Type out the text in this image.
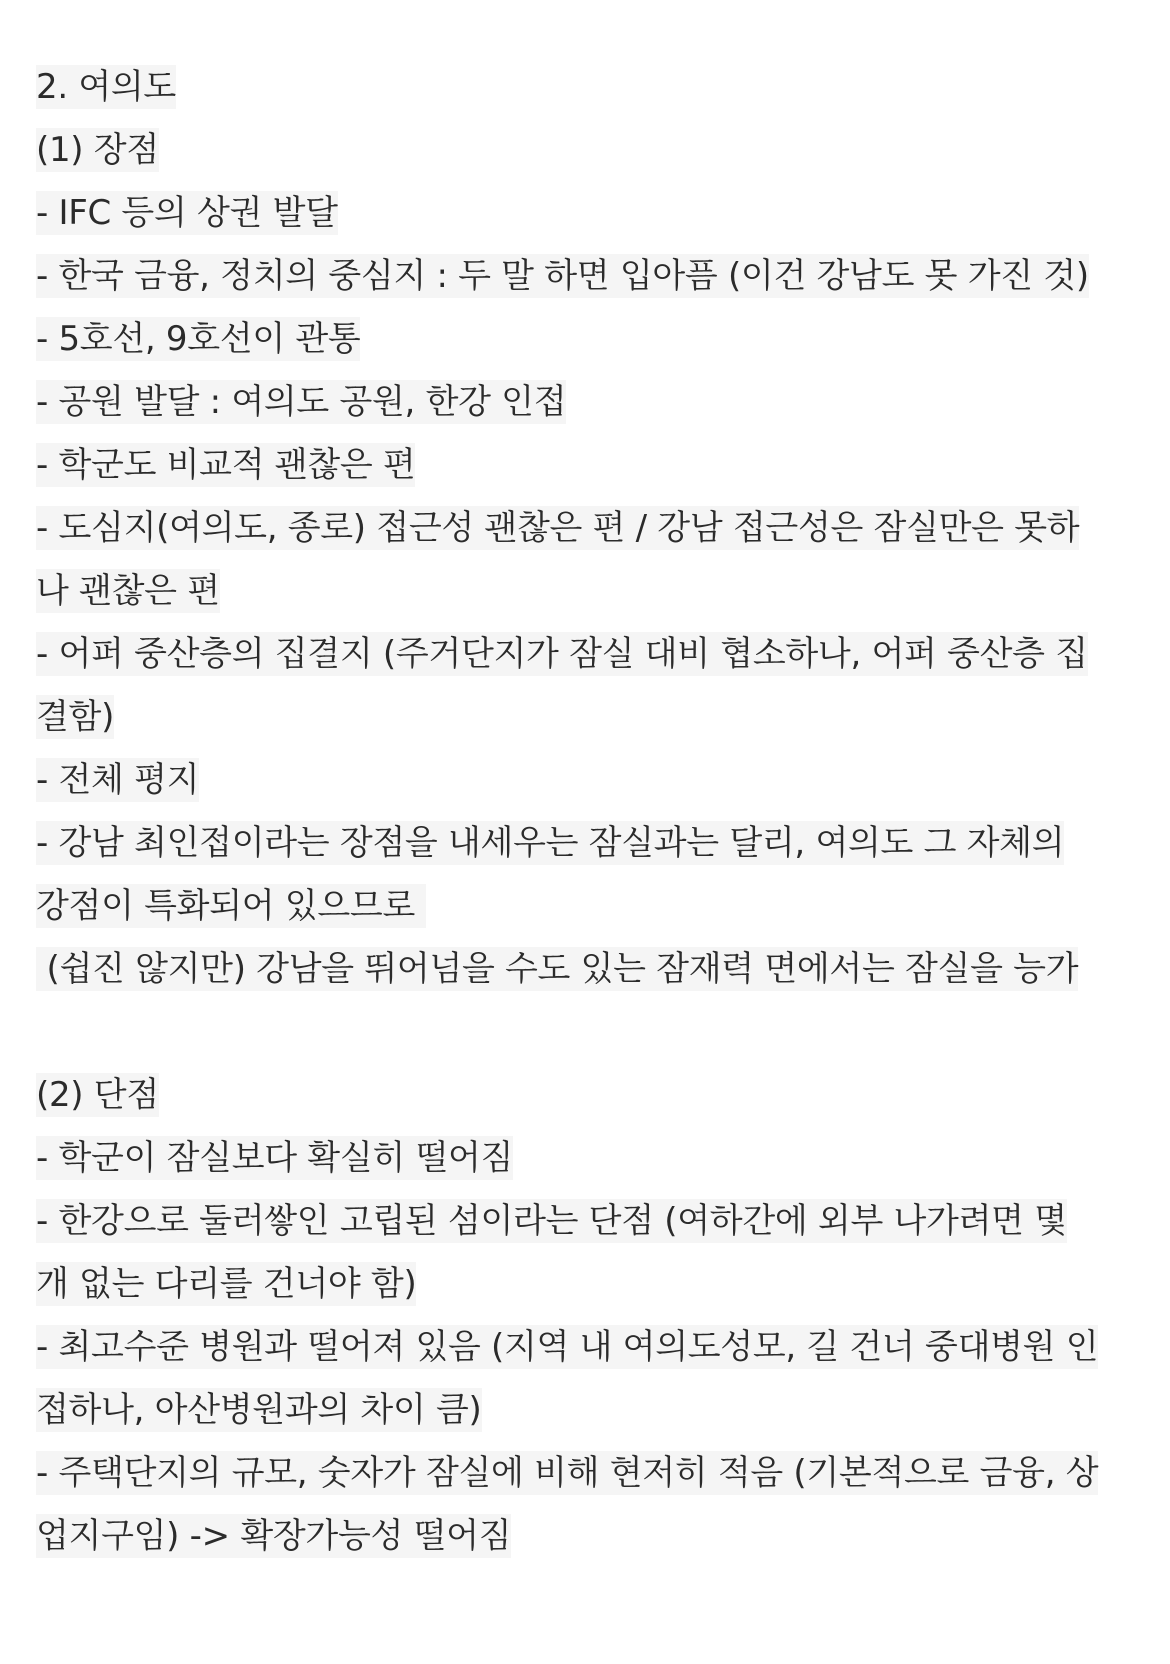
2. 여의도
(1) 장점
- IFC 등의 상권 발달
- 한국 금융, 정치의 중심지 : 두 말 하면 입아픔 (이건 강남도 못 가진 것)
- 5호선, 9호선이 관통
- 공원 발달 : 여의도 공원, 한강 인접
- 학군도 비교적 괜찮은 편
- 도심지(여의도, 종로) 접근성 괜찮은 편 / 강남 접근성은 잠실만은 못하
나 괜찮은 편
- 어퍼 중산층의 집결지 (주거단지가 잠실 대비 협소하나, 어퍼 중산층 집
결함)
- 전체 평지
- 강남 최인접이라는 장점을 내세우는 잠실과는 달리, 여의도 그 자체의
강점이 특화되어 있으므로
(쉽진 않지만) 강남을 뛰어넘을 수도 있는 잠재력 면에서는 잠실을 능가
(2) 단점
- 학군이 잠실보다 확실히 떨어짐
- 한강으로 둘러쌓인 고립된 섬이라는 단점 (여하간에 외부 나가려면 몇
개 없는 다리를 건너야 함)
- 최고수준 병원과 떨어져 있음 (지역 내 여의도성모, 길 건너 중대병원 인
접하나, 아산병원과의 차이 큼)
- 주택단지의 규모, 숫자가 잠실에 비해 현저히 적음 (기본적으로 금융, 상
업지구임) -> 확장가능성 떨어짐
